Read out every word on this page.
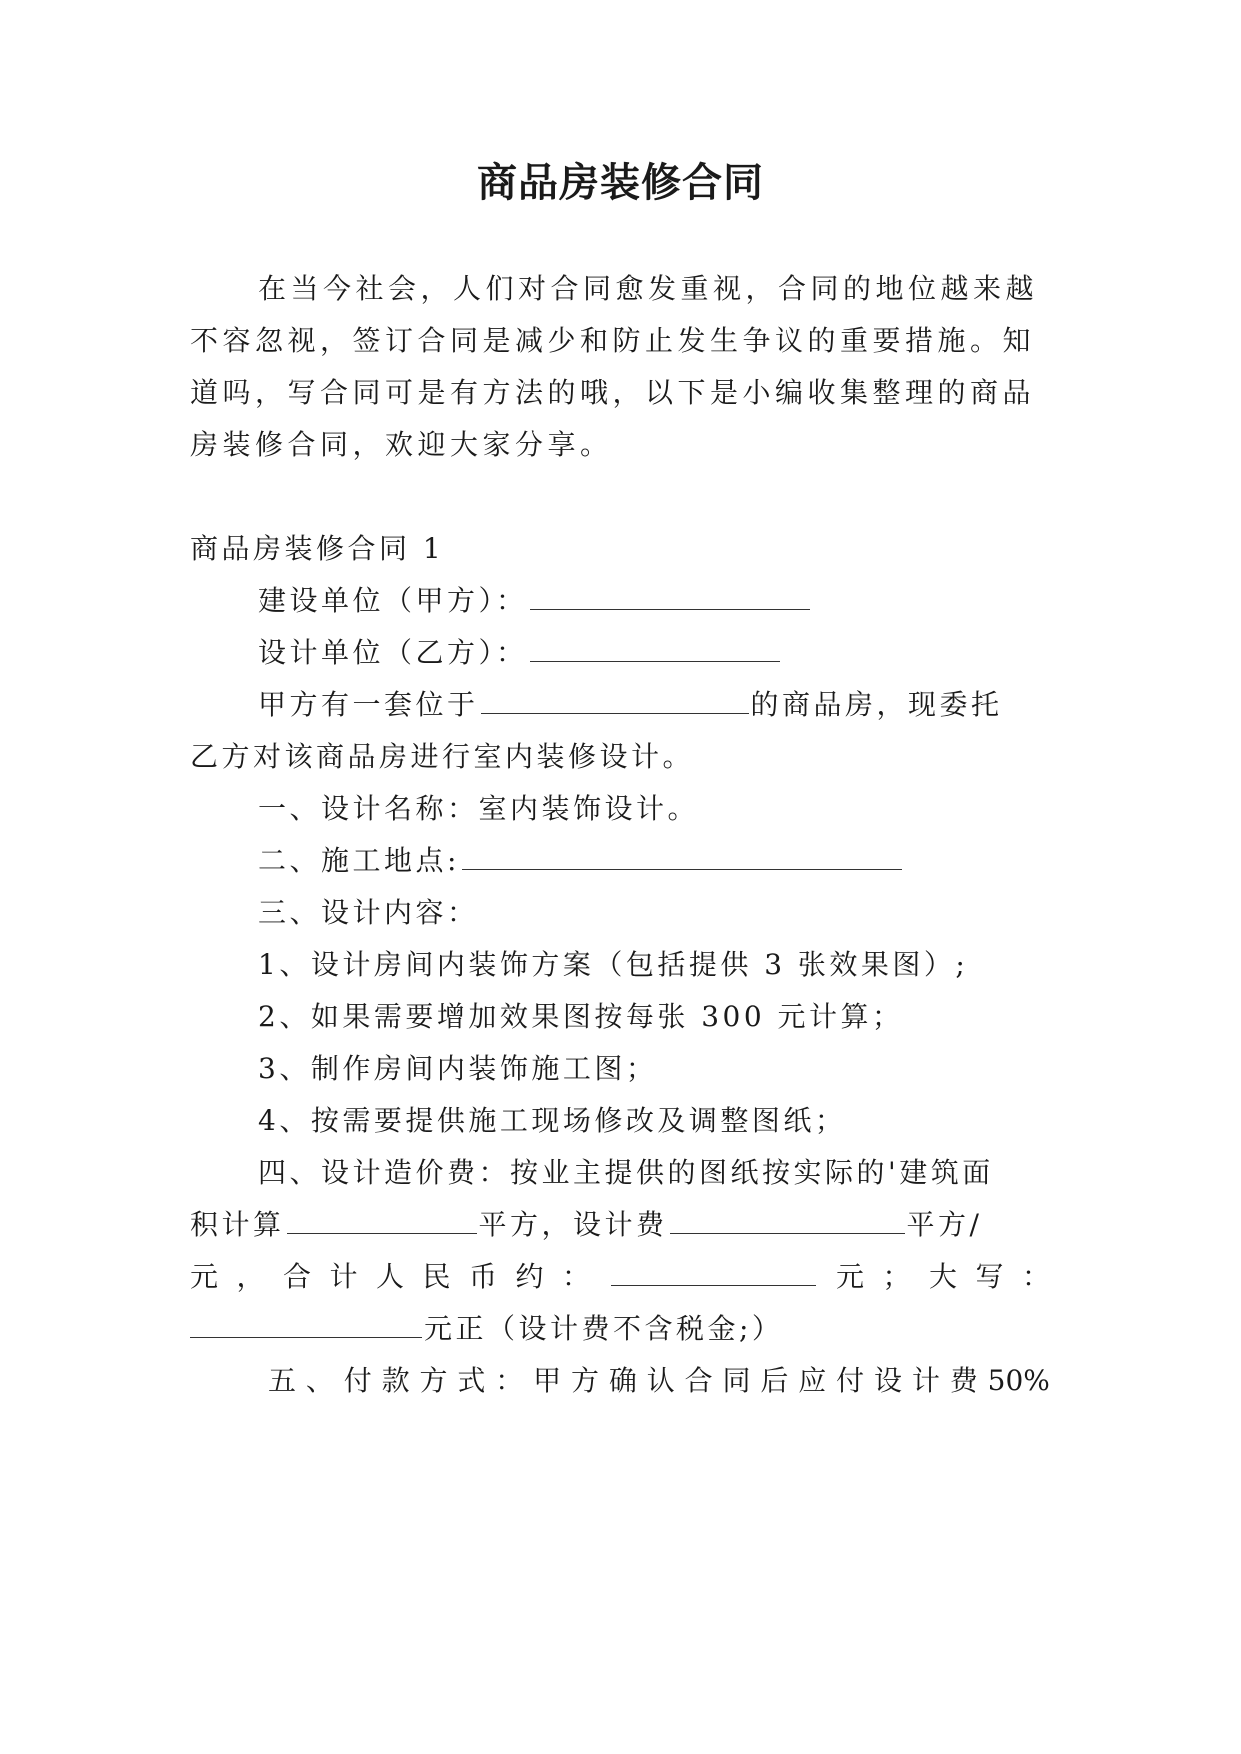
商品房装修合同
在当今社会，人们对合同愈发重视，合同的地位越来越
不容忽视，签订合同是减少和防止发生争议的重要措施。知
道吗，写合同可是有方法的哦，以下是小编收集整理的商品
房装修合同，欢迎大家分享。
商品房装修合同 1
建设单位（甲方）：
设计单位（乙方）：
甲方有一套位于	的商品房，现委托
乙方对该商品房进行室内装修设计。
一、设计名称：室内装饰设计。
二、施工地点:
三、设计内容：
1、设计房间内装饰方案（包括提供 3 张效果图）;
2、如果需要增加效果图按每张 300 元计算；
3、制作房间内装饰施工图；
4、按需要提供施工现场修改及调整图纸；
四、设计造价费：按业主提供的图纸按实际的'建筑面
积计算	平方，设计费	平方/
元 ， 合 计 人 民 币 约 ：	元 ； 大 写 ：
元正（设计费不含税金;）
五 、 付 款 方 式 ： 甲 方 确 认 合 同 后 应 付 设 计 费 50%
